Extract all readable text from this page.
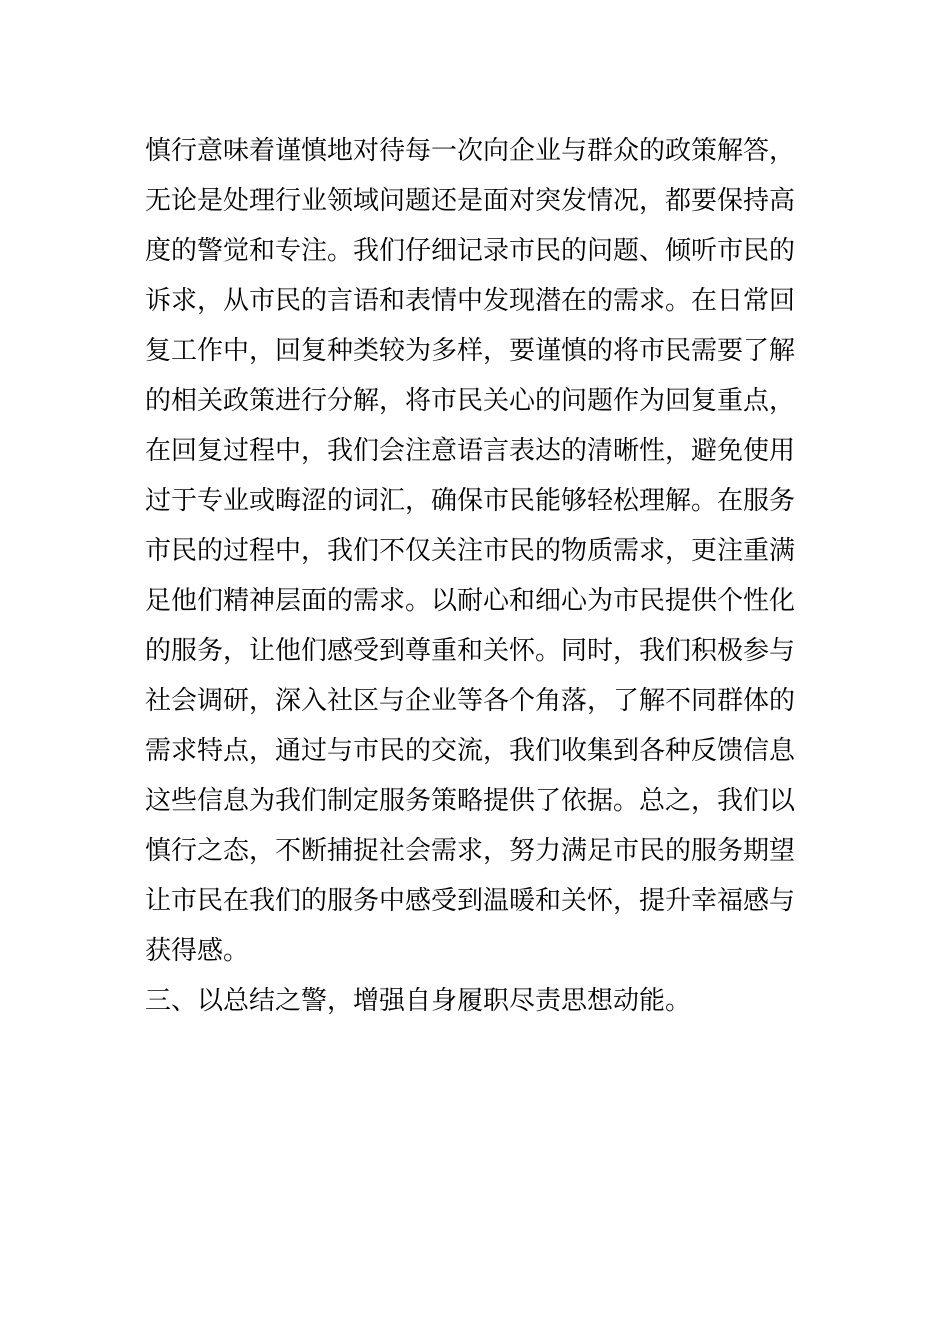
慎行意味着谨慎地对待每一次向企业与群众的政策解答，
无论是处理行业领域问题还是面对突发情况，都要保持高
度的警觉和专注。我们仔细记录市民的问题、倾听市民的
诉求，从市民的言语和表情中发现潜在的需求。在日常回
复工作中，回复种类较为多样，要谨慎的将市民需要了解
的相关政策进行分解，将市民关心的问题作为回复重点，
在回复过程中，我们会注意语言表达的清晰性，避免使用
过于专业或晦涩的词汇，确保市民能够轻松理解。在服务
市民的过程中，我们不仅关注市民的物质需求，更注重满
足他们精神层面的需求。以耐心和细心为市民提供个性化
的服务，让他们感受到尊重和关怀。同时，我们积极参与
社会调研，深入社区与企业等各个角落，了解不同群体的
需求特点，通过与市民的交流，我们收集到各种反馈信息
这些信息为我们制定服务策略提供了依据。总之，我们以
慎行之态，不断捕捉社会需求，努力满足市民的服务期望
让市民在我们的服务中感受到温暖和关怀，提升幸福感与
获得感。
三、以总结之警，增强自身履职尽责思想动能。
